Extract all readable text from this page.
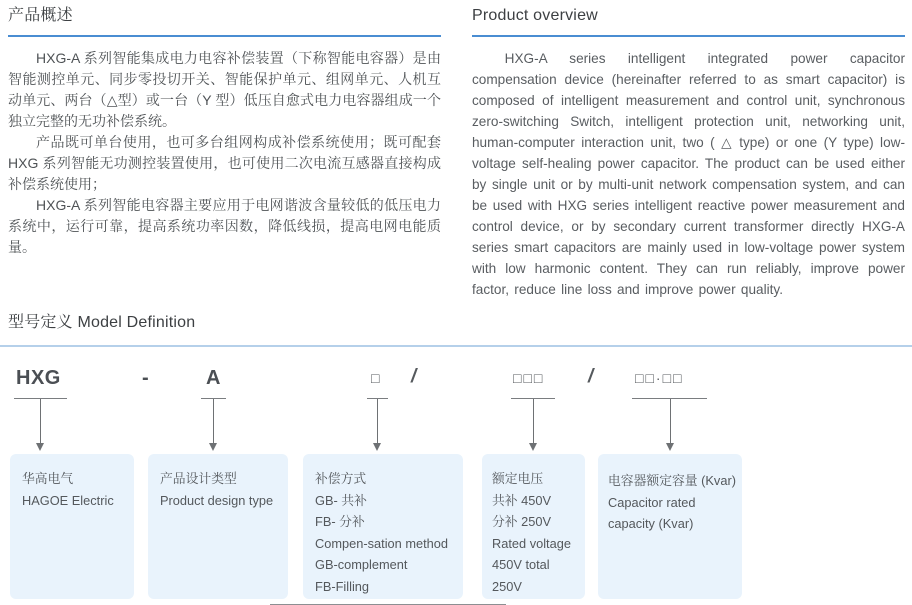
产品概述

HXG-A 系列智能集成电力电容补偿装置（下称智能电容器）是由智能测控单元、同步零投切开关、智能保护单元、组网单元、人机互动单元、两台（△型）或一台（Y 型）低压自愈式电力电容器组成一个独立完整的无功补偿系统。

产品既可单台使用，也可多台组网构成补偿系统使用；既可配套 HXG 系列智能无功测控装置使用，也可使用二次电流互感器直接构成补偿系统使用；

HXG-A 系列智能电容器主要应用于电网谐波含量较低的低压电力系统中，运行可靠，提高系统功率因数，降低线损，提高电网电能质量。

Product overview

HXG-A series intelligent integrated power capacitor compensation device (hereinafter referred to as smart capacitor) is composed of intelligent measurement and control unit, synchronous zero-switching Switch, intelligent protection unit, networking unit, human-computer interaction unit, two ( △ type) or one (Y type) low-voltage self-healing power capacitor. The product can be used either by single unit or by multi-unit network compensation system, and can be used with HXG series intelligent reactive power measurement and control device, or by secondary current transformer directly HXG-A series smart capacitors are mainly used in low-voltage power system with low harmonic content. They can run reliably, improve power factor, reduce line loss and improve power quality.

型号定义 Model Definition
HXG	-	A	□ /	□□□ /	□□·□□
华高电气
HAGOE Electric
产品设计类型
Product design type
补偿方式
GB- 共补
FB- 分补
Compen-sation method
GB-complement
FB-Filling
额定电压
共补 450V
分补 250V
Rated voltage
450V total
250V
电容器额定容量 (Kvar)
Capacitor rated capacity (Kvar)
